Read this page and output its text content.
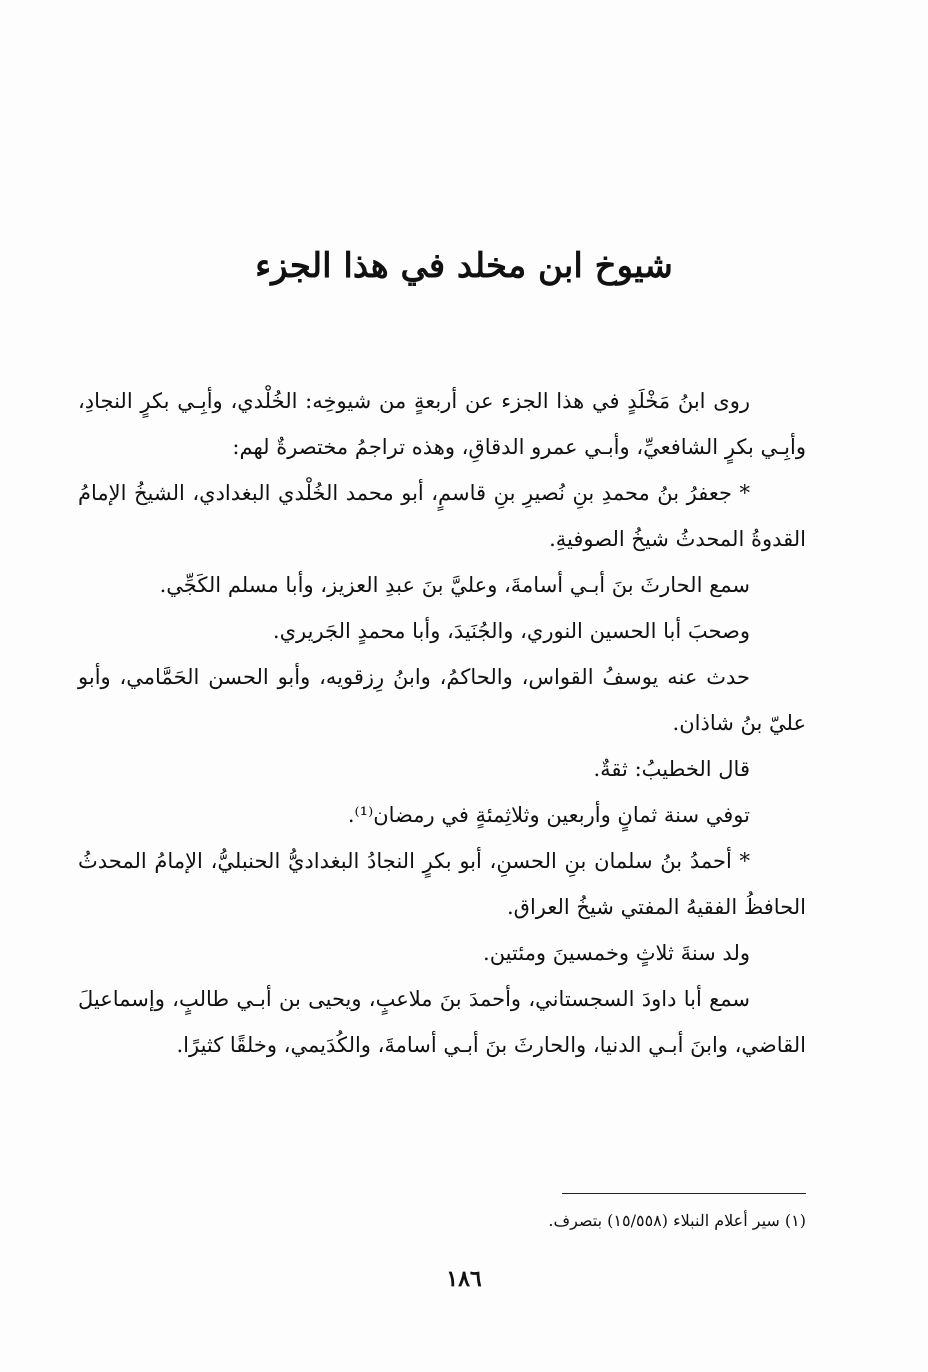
شيوخ ابن مخلد في هذا الجزء

روى ابنُ مَخْلَدٍ في هذا الجزء عن أربعةٍ من شيوخِه: الخُلْدي، وأبِـي بكرٍ النجادِ، وأبِـي بكرٍ الشافعيِّ، وأبـي عمرو الدقاقِ، وهذه تراجمُ مختصرةٌ لهم:

* جعفرُ بنُ محمدِ بنِ نُصيرِ بنِ قاسمٍ، أبو محمد الخُلْدي البغدادي، الشيخُ الإمامُ القدوةُ المحدثُ شيخُ الصوفيةِ.

سمع الحارثَ بنَ أبـي أسامةَ، وعليَّ بنَ عبدِ العزيز، وأبا مسلم الكَجِّي.

وصحبَ أبا الحسين النوري، والجُنَيدَ، وأبا محمدٍ الجَريري.

حدث عنه يوسفُ القواس، والحاكمُ، وابنُ رِزقويه، وأبو الحسن الحَمَّامي، وأبو عليّ بنُ شاذان.

قال الخطيبُ: ثقةٌ.

توفي سنة ثمانٍ وأربعين وثلاثِمئةٍ في رمضان⁽¹⁾.

* أحمدُ بنُ سلمان بنِ الحسنِ، أبو بكرٍ النجادُ البغداديُّ الحنبليُّ، الإمامُ المحدثُ الحافظُ الفقيهُ المفتي شيخُ العراق.

ولد سنةَ ثلاثٍ وخمسينَ ومئتين.

سمع أبا داودَ السجستاني، وأحمدَ بنَ ملاعبٍ، ويحيى بن أبـي طالبٍ، وإسماعيلَ القاضي، وابنَ أبـي الدنيا، والحارثَ بنَ أبـي أسامةَ، والكُدَيمي، وخلقًا كثيرًا.

(١) سير أعلام النبلاء (١٥/٥٥٨) بتصرف.
١٨٦
